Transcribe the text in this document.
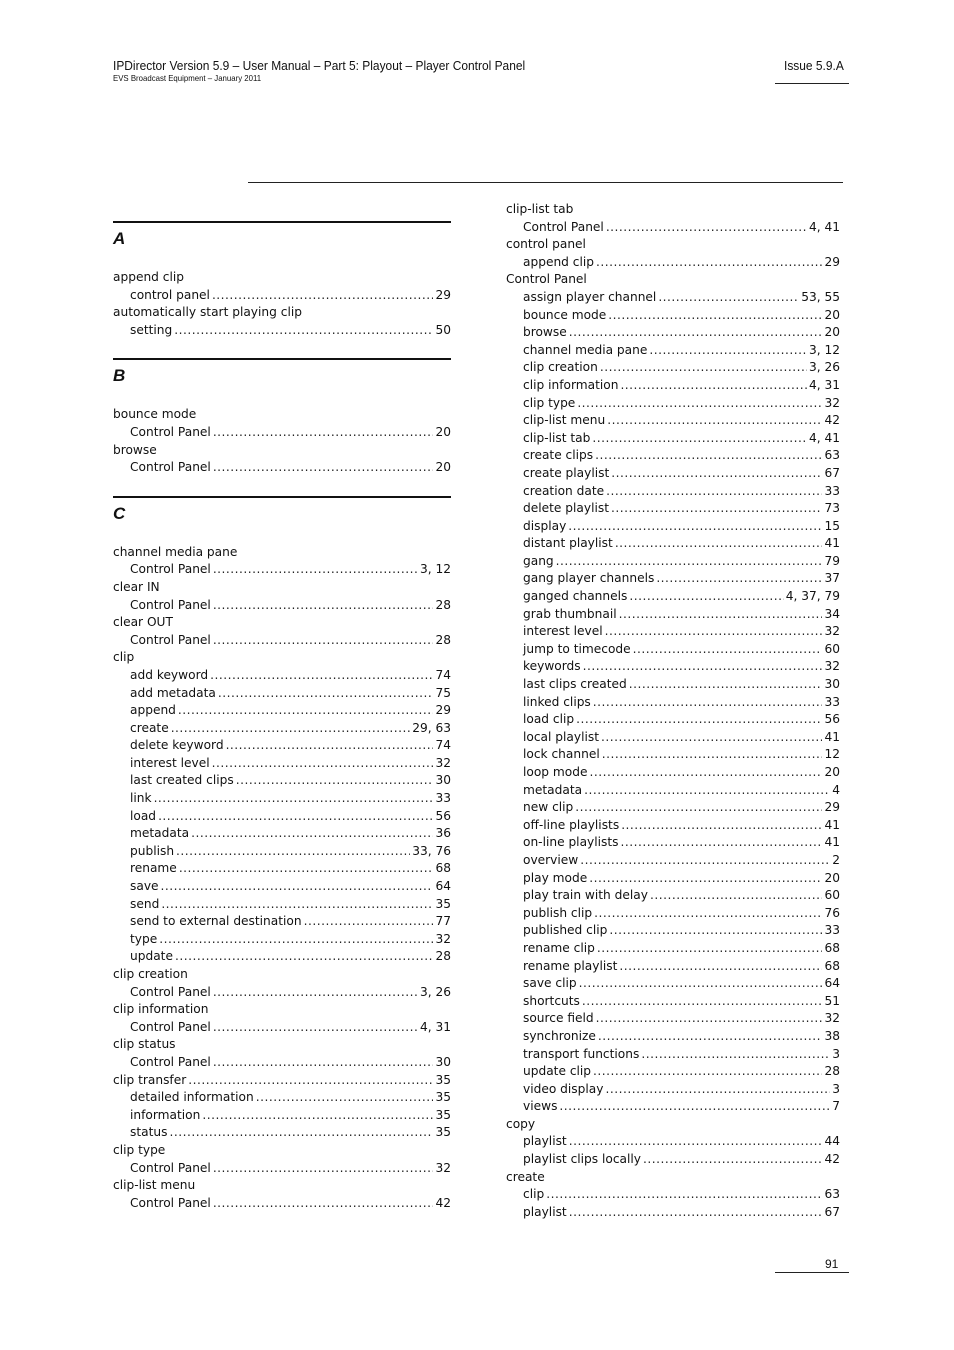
IPDirector Version 5.9 – User Manual – Part 5: Playout – Player Control Panel
EVS Broadcast Equipment – January 2011
Issue 5.9.A
A
append clip
control panel .....	29
automatically start playing clip
setting .....	50
B
bounce mode
Control Panel .....	20
browse
Control Panel .....	20
C
channel media pane
Control Panel .....	3, 12
clear IN
Control Panel .....	28
clear OUT
Control Panel .....	28
clip
add keyword .....	74
add metadata .....	75
append .....	29
create .....	29, 63
delete keyword .....	74
interest level .....	32
last created clips .....	30
link .....	33
load .....	56
metadata .....	36
publish .....	33, 76
rename .....	68
save .....	64
send .....	35
send to external destination .....	77
type .....	32
update .....	28
clip creation
Control Panel .....	3, 26
clip information
Control Panel .....	4, 31
clip status
Control Panel .....	30
clip transfer .....	35
detailed information .....	35
information .....	35
status .....	35
clip type
Control Panel .....	32
clip-list menu
Control Panel .....	42
clip-list tab
Control Panel .....	4, 41
control panel
append clip .....	29
Control Panel
assign player channel .....	53, 55
bounce mode .....	20
browse .....	20
channel media pane .....	3, 12
clip creation .....	3, 26
clip information .....	4, 31
clip type .....	32
clip-list menu .....	42
clip-list tab .....	4, 41
create clips .....	63
create playlist .....	67
creation date .....	33
delete playlist .....	73
display .....	15
distant playlist .....	41
gang .....	79
gang player channels .....	37
ganged channels .....	4, 37, 79
grab thumbnail .....	34
interest level .....	32
jump to timecode .....	60
keywords .....	32
last clips created .....	30
linked clips .....	33
load clip .....	56
local playlist .....	41
lock channel .....	12
loop mode .....	20
metadata .....	4
new clip .....	29
off-line playlists .....	41
on-line playlists .....	41
overview .....	2
play mode .....	20
play train with delay .....	60
publish clip .....	76
published clip .....	33
rename clip .....	68
rename playlist .....	68
save clip .....	64
shortcuts .....	51
source field .....	32
synchronize .....	38
transport functions .....	3
update clip .....	28
video display .....	3
views .....	7
copy
playlist .....	44
playlist clips locally .....	42
create
clip .....	63
playlist .....	67
91
